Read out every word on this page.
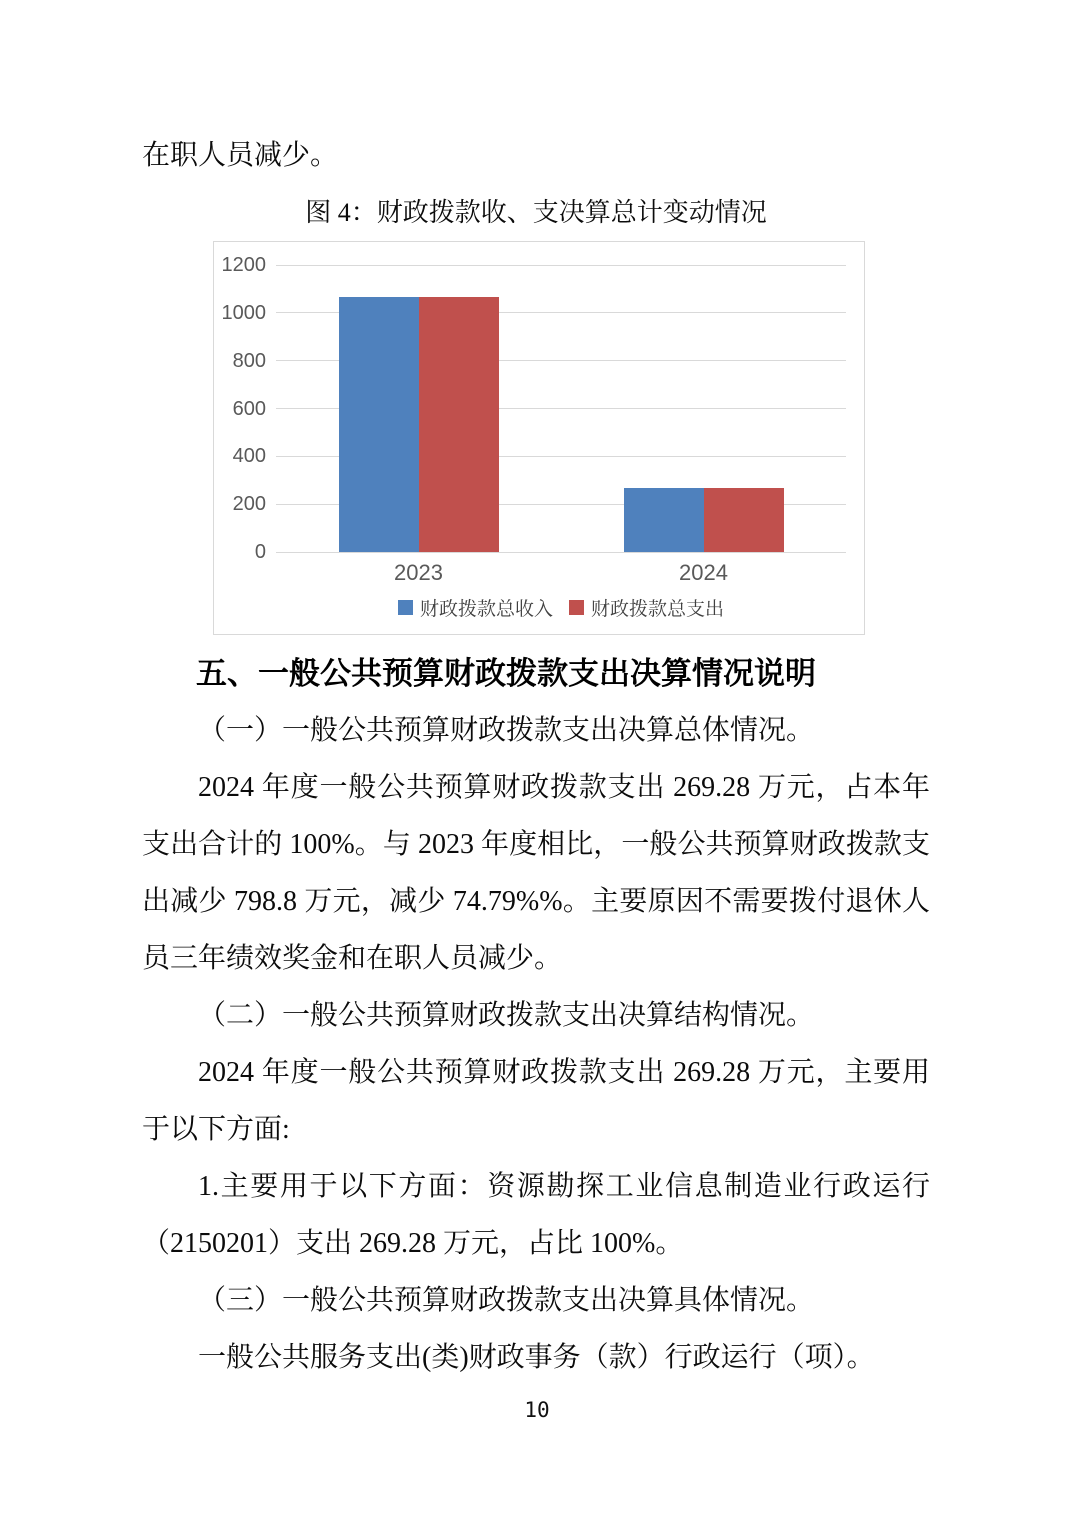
在职人员减少。

图 4：财政拨款收、支决算总计变动情况
0
200
400
600
800
1000
1200
财政拨款总收入 财政拨款总支出
2023	2024
五、一般公共预算财政拨款支出决算情况说明

（一）一般公共预算财政拨款支出决算总体情况。

2024 年度一般公共预算财政拨款支出 269.28 万元，占本年支出合计的 100%。与 2023 年度相比，一般公共预算财政拨款支出减少 798.8 万元，减少 74.79%%。主要原因不需要拨付退休人员三年绩效奖金和在职人员减少。

（二）一般公共预算财政拨款支出决算结构情况。

2024 年度一般公共预算财政拨款支出 269.28 万元，主要用于以下方面:

1.主要用于以下方面：资源勘探工业信息制造业行政运行（2150201）支出 269.28 万元，占比 100%。

（三）一般公共预算财政拨款支出决算具体情况。

一般公共服务支出(类)财政事务（款）行政运行（项）。

10
